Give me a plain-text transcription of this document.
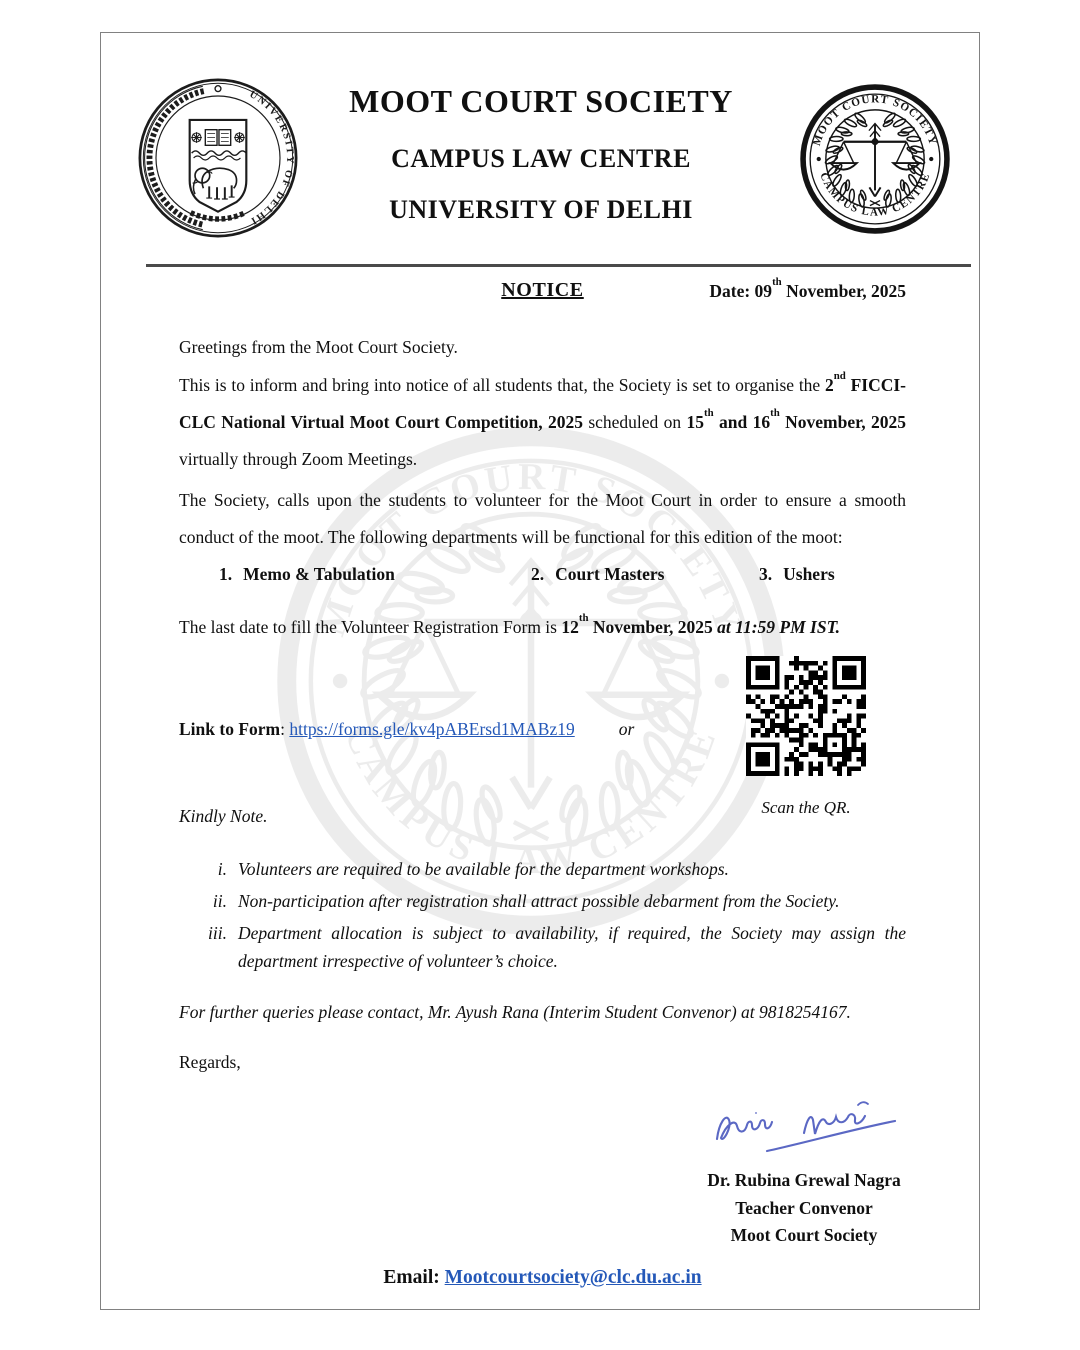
UNIVERSITY OF DELHI
MOOT COURT SOCIETY
CAMPUS LAW CENTRE
UNIVERSITY OF DELHI
MOOT COURT SOCIETY
CAMPUS LAW CENTRE
NOTICE	Date: 09th November, 2025
Greetings from the Moot Court Society.
This is to inform and bring into notice of all students that, the Society is set to organise the 2nd FICCI-CLC National Virtual Moot Court Competition, 2025 scheduled on 15th and 16th November, 2025 virtually through Zoom Meetings.
The Society, calls upon the students to volunteer for the Moot Court in order to ensure a smooth conduct of the moot. The following departments will be functional for this edition of the moot:
1. Memo & Tabulation	2. Court Masters	3. Ushers
The last date to fill the Volunteer Registration Form is 12th November, 2025 at 11:59 PM IST.
Link to Form: https://forms.gle/kv4pABErsd1MABz19	or
Kindly Note.	Scan the QR.
i. Volunteers are required to be available for the department workshops.
ii. Non-participation after registration shall attract possible debarment from the Society.
iii. Department allocation is subject to availability, if required, the Society may assign the department irrespective of volunteer’s choice.
For further queries please contact, Mr. Ayush Rana (Interim Student Convenor) at 9818254167.
Regards,
Dr. Rubina Grewal Nagra
Teacher Convenor
Moot Court Society
Email: Mootcourtsociety@clc.du.ac.in
